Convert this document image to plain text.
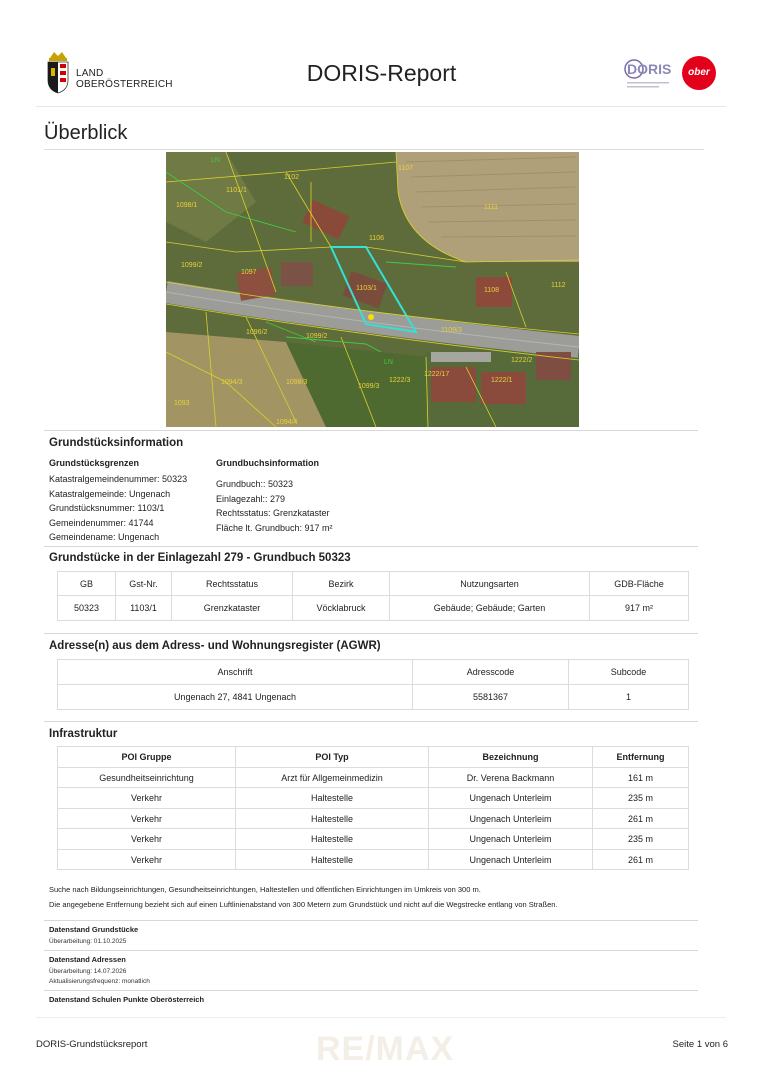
LAND
OBERÖSTERREICH	DORIS-Report	DORIS	ober
Überblick
LN
1102
1101/1
1107
1098/1	1111
1106
1097
1099/2
1103/1	1108
1112
1096/2
1099/2
1098/3
1099/3
1222/3
1222/17
1222/1
1094/3
1093
1094/4
1109/3
LN	1222/2
Grundstücksinformation
Grundstücksgrenzen
Katastralgemeindenummer: 50323
Katastralgemeinde: Ungenach
Grundstücksnummer: 1103/1
Gemeindenummer: 41744
Gemeindename: Ungenach
Grundbuchsinformation
Grundbuch:: 50323
Einlagezahl:: 279
Rechtsstatus: Grenzkataster
Fläche lt. Grundbuch: 917 m²
Grundstücke in der Einlagezahl 279 - Grundbuch 50323
GB	Gst-Nr.	Rechtsstatus	Bezirk	Nutzungsarten	GDB-Fläche
50323	1103/1	Grenzkataster	Vöcklabruck	Gebäude; Gebäude; Garten	917 m²
Adresse(n) aus dem Adress- und Wohnungsregister (AGWR)
Anschrift	Adresscode	Subcode
Ungenach 27, 4841 Ungenach	5581367	1
Infrastruktur
POI Gruppe	POI Typ	Bezeichnung	Entfernung
Gesundheitseinrichtung	Arzt für Allgemeinmedizin	Dr. Verena Backmann	161 m
Verkehr	Haltestelle	Ungenach Unterleim	235 m
Verkehr	Haltestelle	Ungenach Unterleim	261 m
Verkehr	Haltestelle	Ungenach Unterleim	235 m
Verkehr	Haltestelle	Ungenach Unterleim	261 m
Suche nach Bildungseinrichtungen, Gesundheitseinrichtungen, Haltestellen und öffentlichen Einrichtungen im Umkreis von 300 m.
Die angegebene Entfernung bezieht sich auf einen Luftlinienabstand von 300 Metern zum Grundstück und nicht auf die Wegstrecke entlang von Straßen.
Datenstand Grundstücke
Überarbeitung: 01.10.2025
Datenstand Adressen
Überarbeitung: 14.07.2026
Aktualisierungsfrequenz: monatlich
Datenstand Schulen Punkte Oberösterreich
RE/MAX
DORIS-Grundstücksreport	Seite 1 von 6
